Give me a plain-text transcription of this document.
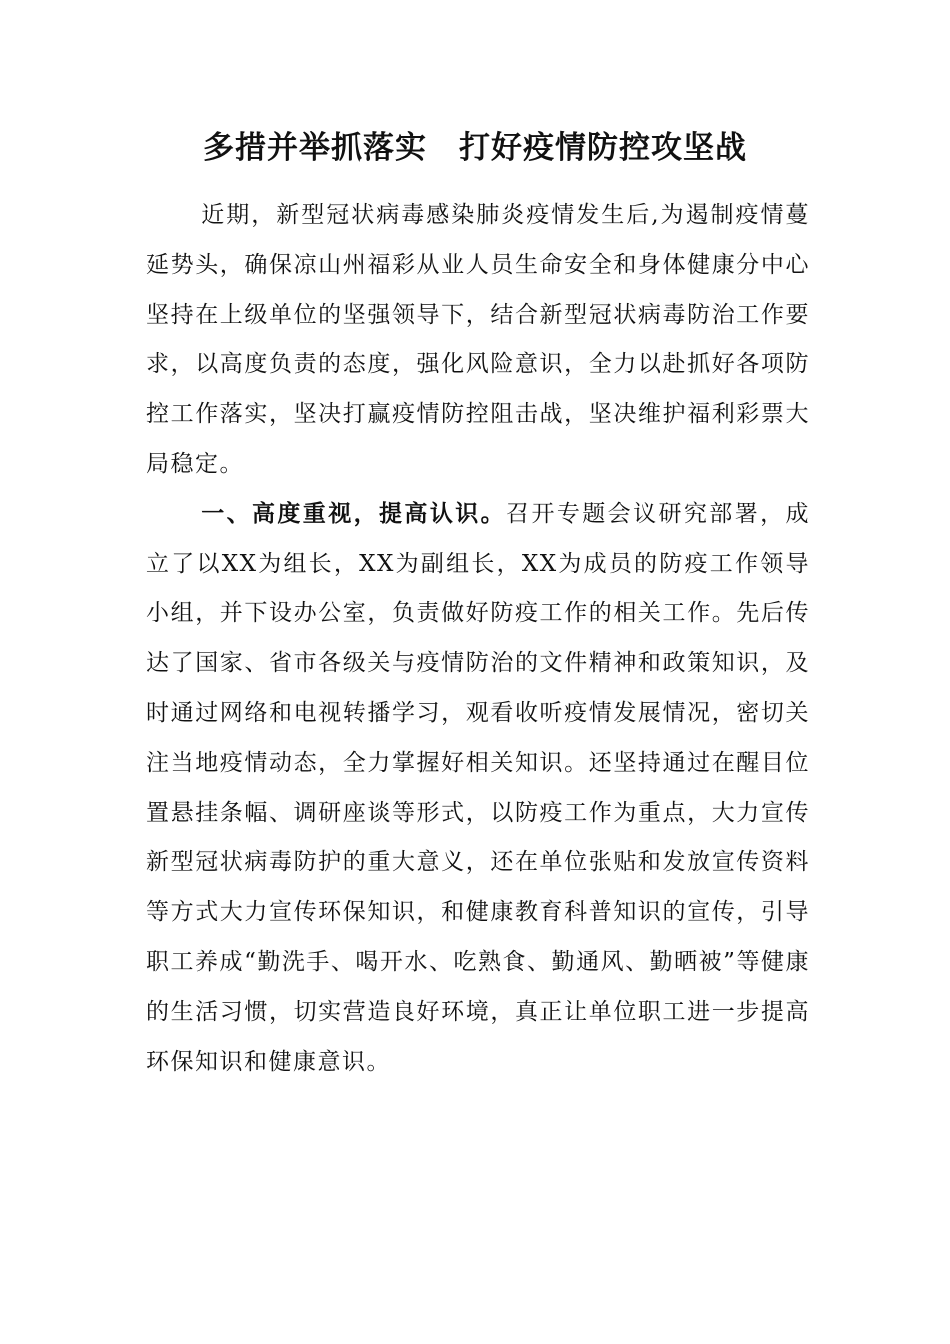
多措并举抓落实　打好疫情防控攻坚战

近期，新型冠状病毒感染肺炎疫情发生后,为遏制疫情蔓延势头，确保凉山州福彩从业人员生命安全和身体健康分中心坚持在上级单位的坚强领导下，结合新型冠状病毒防治工作要求，以高度负责的态度，强化风险意识，全力以赴抓好各项防控工作落实，坚决打赢疫情防控阻击战，坚决维护福利彩票大局稳定。

一、高度重视，提高认识。召开专题会议研究部署，成立了以XX为组长，XX为副组长，XX为成员的防疫工作领导小组，并下设办公室，负责做好防疫工作的相关工作。先后传达了国家、省市各级关与疫情防治的文件精神和政策知识，及时通过网络和电视转播学习，观看收听疫情发展情况，密切关注当地疫情动态，全力掌握好相关知识。还坚持通过在醒目位置悬挂条幅、调研座谈等形式，以防疫工作为重点，大力宣传新型冠状病毒防护的重大意义，还在单位张贴和发放宣传资料等方式大力宣传环保知识，和健康教育科普知识的宣传，引导职工养成“勤洗手、喝开水、吃熟食、勤通风、勤晒被”等健康的生活习惯，切实营造良好环境，真正让单位职工进一步提高环保知识和健康意识。
